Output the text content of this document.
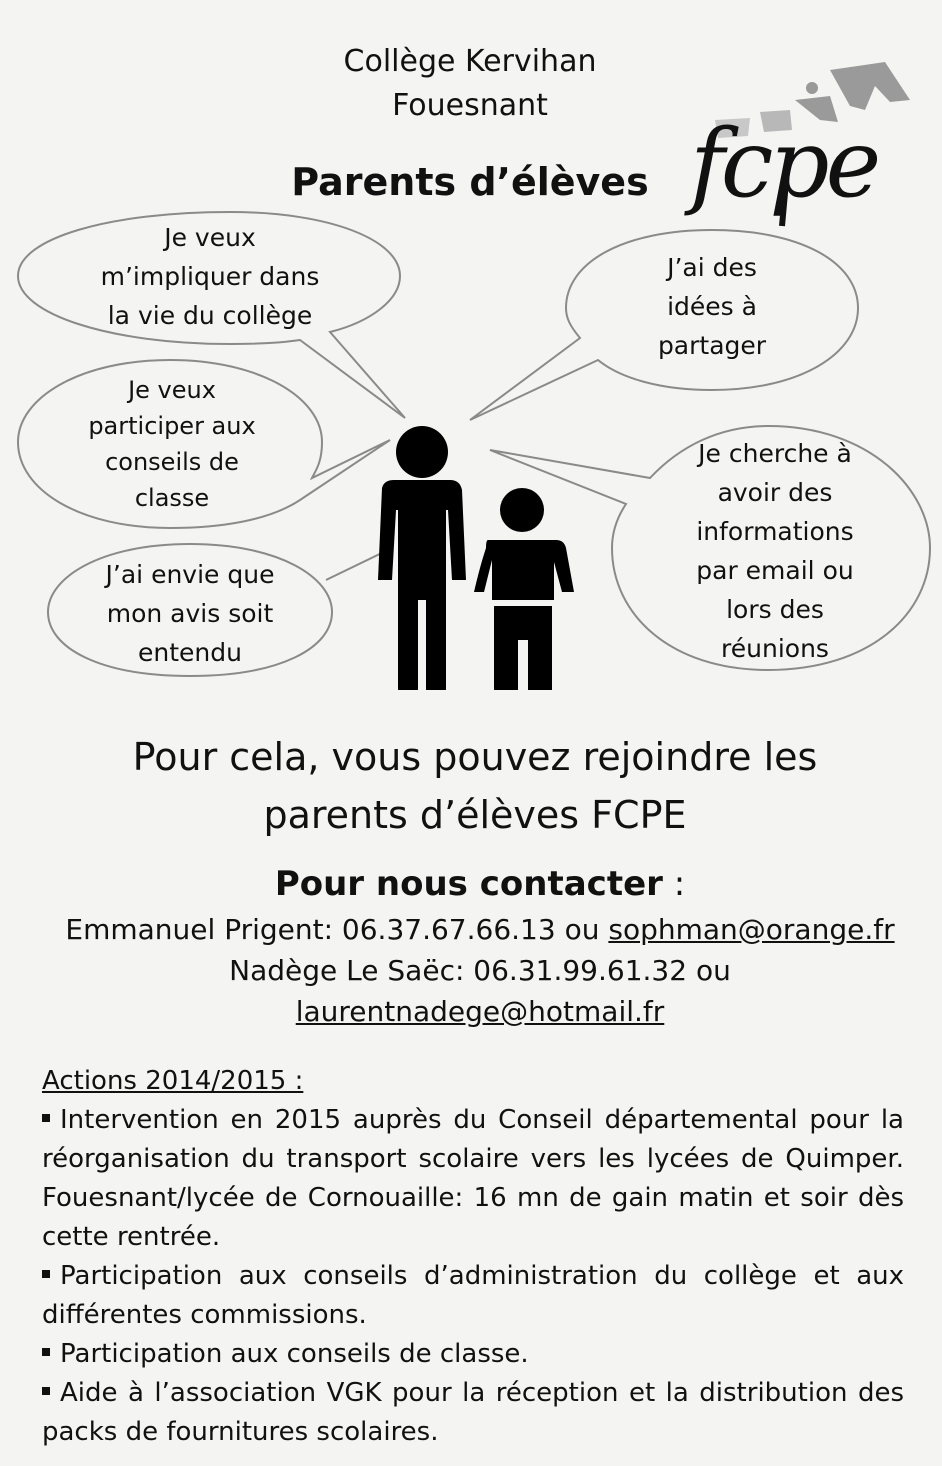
Collège Kervihan
Fouesnant
Parents d’élèves fcpe
Je veux
m’impliquer dans
la vie du collège
J’ai des
idées à
partager
Je veux
participer aux
conseils de
classe
Je cherche à
avoir des
informations
par email ou
lors des
réunions
J’ai envie que
mon avis soit
entendu
Pour cela, vous pouvez rejoindre les
parents d’élèves FCPE
Pour nous contacter :
Emmanuel Prigent: 06.37.67.66.13 ou sophman@orange.fr
Nadège Le Saëc: 06.31.99.61.32 ou
laurentnadege@hotmail.fr

Actions 2014/2015 :

Intervention en 2015 auprès du Conseil départemental pour la réorganisation du transport scolaire vers les lycées de Quimper. Fouesnant/lycée de Cornouaille: 16 mn de gain matin et soir dès cette rentrée.

Participation aux conseils d’administration du collège et aux différentes commissions.

Participation aux conseils de classe.

Aide à l’association VGK pour la réception et la distribution des packs de fournitures scolaires.
